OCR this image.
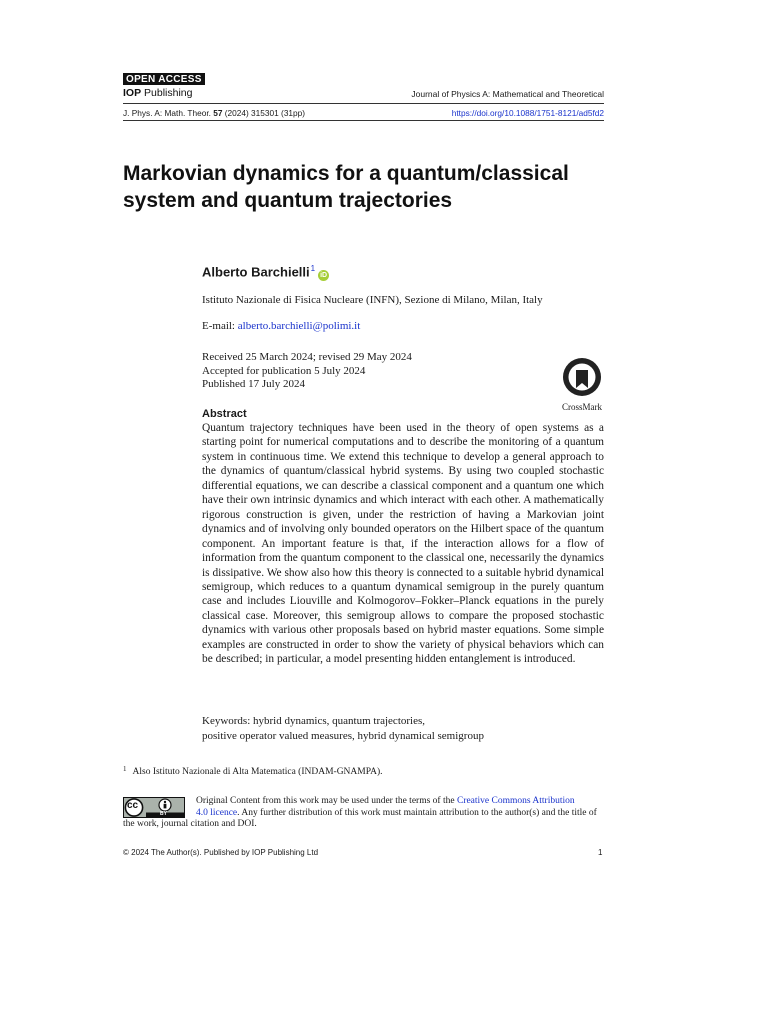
OPEN ACCESS
IOP Publishing	Journal of Physics A: Mathematical and Theoretical
J. Phys. A: Math. Theor. 57 (2024) 315301 (31pp)	https://doi.org/10.1088/1751-8121/ad5fd2
Markovian dynamics for a quantum/classical system and quantum trajectories
Alberto Barchielli$^1$iD
Istituto Nazionale di Fisica Nucleare (INFN), Sezione di Milano, Milan, Italy
E-mail: alberto.barchielli@polimi.it
Received 25 March 2024; revised 29 May 2024
Accepted for publication 5 July 2024
Published 17 July 2024
CrossMark
Abstract

Quantum trajectory techniques have been used in the theory of open systems as a starting point for numerical computations and to describe the monitoring of a quantum system in continuous time. We extend this technique to develop a general approach to the dynamics of quantum/classical hybrid systems. By using two coupled stochastic differential equations, we can describe a classical component and a quantum one which have their own intrinsic dynamics and which interact with each other. A mathematically rigorous construction is given, under the restriction of having a Markovian joint dynamics and of involving only bounded operators on the Hilbert space of the quantum component. An important feature is that, if the interaction allows for a flow of information from the quantum component to the classical one, necessarily the dynamics is dissipative. We show also how this theory is connected to a suitable hybrid dynamical semigroup, which reduces to a quantum dynamical semigroup in the purely quantum case and includes Liouville and Kolmogorov–Fokker–Planck equations in the purely classical case. Moreover, this semigroup allows to compare the proposed stochastic dynamics with various other proposals based on hybrid master equations. Some simple examples are constructed in order to show the variety of physical behaviors which can be described; in particular, a model presenting hidden entanglement is introduced.

Keywords: hybrid dynamics, quantum trajectories,
positive operator valued measures, hybrid dynamical semigroup
$^1$ Also Istituto Nazionale di Alta Matematica (INDAM-GNAMPA).
cc
BY
Original Content from this work may be used under the terms of the Creative Commons Attribution 4.0 licence. Any further distribution of this work must maintain attribution to the author(s) and the title of the work, journal citation and DOI.
© 2024 The Author(s). Published by IOP Publishing Ltd	1
